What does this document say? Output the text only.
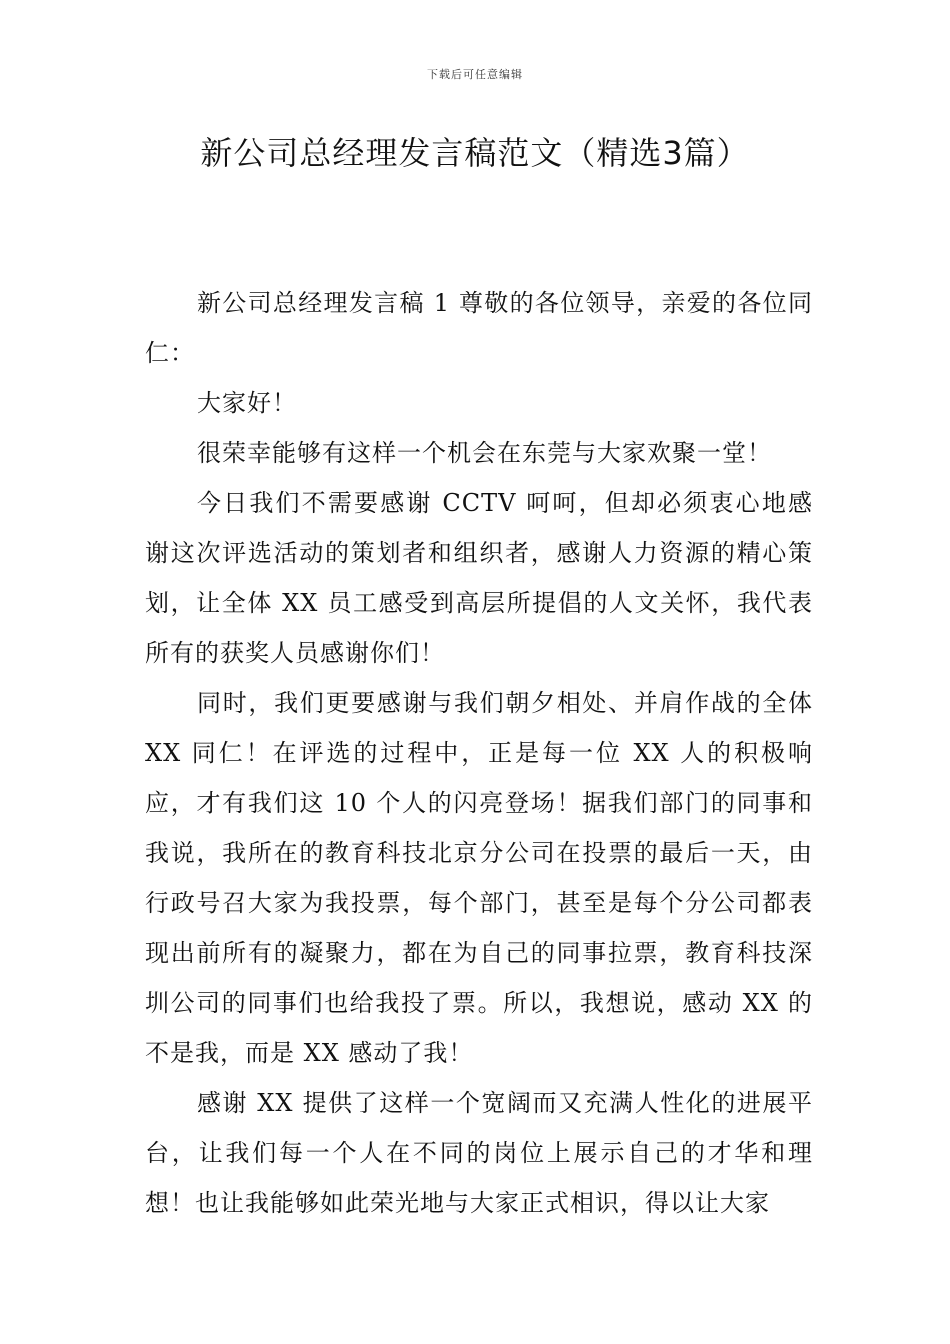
下载后可任意编辑
新公司总经理发言稿范文（精选3篇）

新公司总经理发言稿 1 尊敬的各位领导，亲爱的各位同仁：

大家好！

很荣幸能够有这样一个机会在东莞与大家欢聚一堂！

今日我们不需要感谢 CCTV 呵呵，但却必须衷心地感谢这次评选活动的策划者和组织者，感谢人力资源的精心策划，让全体 XX 员工感受到高层所提倡的人文关怀，我代表所有的获奖人员感谢你们！

同时，我们更要感谢与我们朝夕相处、并肩作战的全体 XX 同仁！在评选的过程中，正是每一位 XX 人的积极响应，才有我们这 10 个人的闪亮登场！据我们部门的同事和我说，我所在的教育科技北京分公司在投票的最后一天，由行政号召大家为我投票，每个部门，甚至是每个分公司都表现出前所有的凝聚力，都在为自己的同事拉票，教育科技深圳公司的同事们也给我投了票。所以，我想说，感动 XX 的不是我，而是 XX 感动了我！

感谢 XX 提供了这样一个宽阔而又充满人性化的进展平台，让我们每一个人在不同的岗位上展示自己的才华和理想！也让我能够如此荣光地与大家正式相识，得以让大家
